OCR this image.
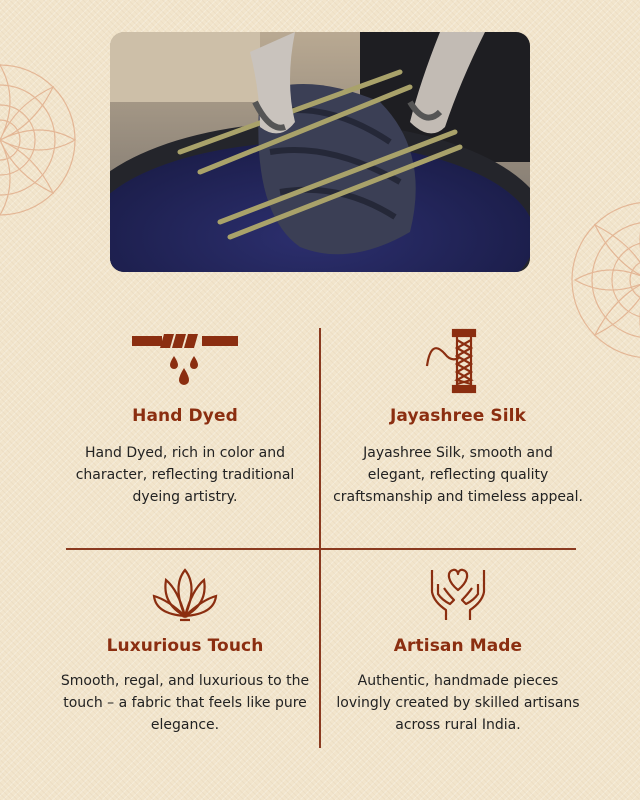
Hand Dyed

Hand Dyed, rich in color and character, reflecting traditional dyeing artistry.

Jayashree Silk

Jayashree Silk, smooth and elegant, reflecting quality craftsmanship and timeless appeal.

Luxurious Touch

Smooth, regal, and luxurious to the touch – a fabric that feels like pure elegance.

Artisan Made

Authentic, handmade pieces lovingly created by skilled artisans across rural India.
